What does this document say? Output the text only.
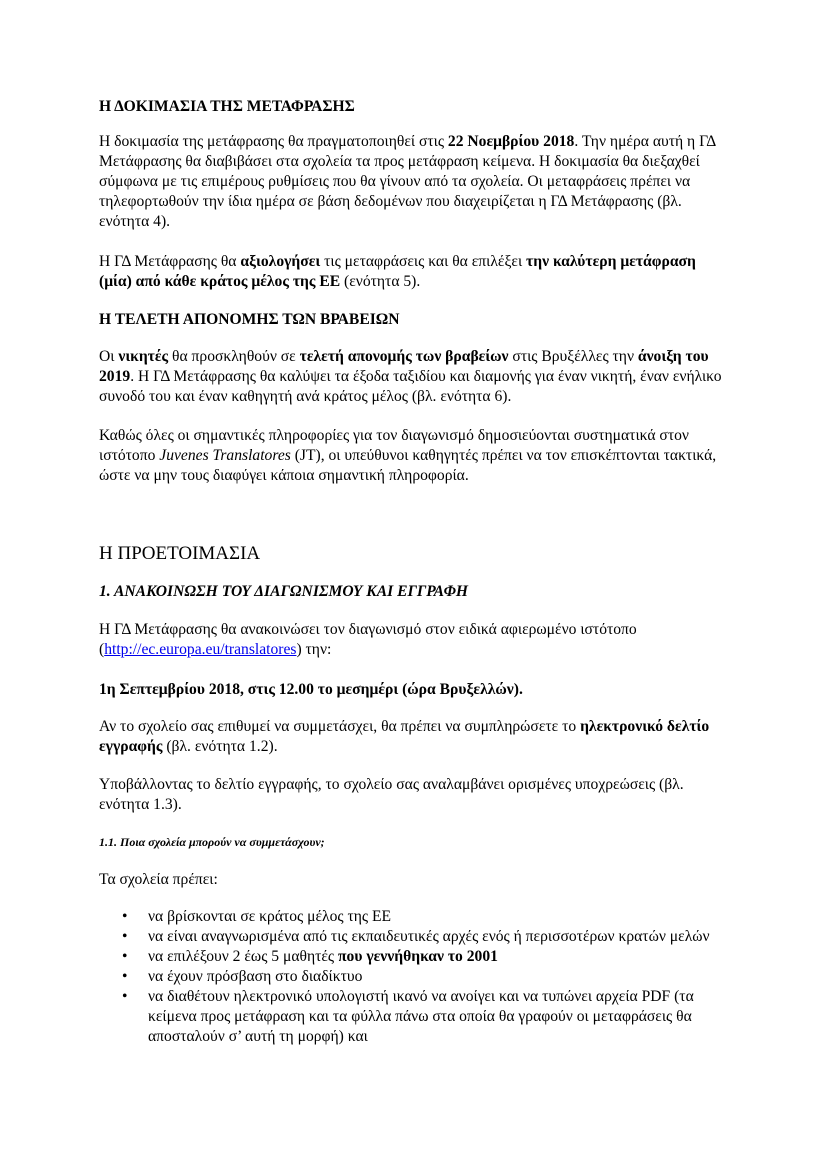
Η ΔΟΚΙΜΑΣΙΑ ΤΗΣ ΜΕΤΑΦΡΑΣΗΣ
Η δοκιμασία της μετάφρασης θα πραγματοποιηθεί στις 22 Νοεμβρίου 2018. Την ημέρα αυτή η ΓΔ Μετάφρασης θα διαβιβάσει στα σχολεία τα προς μετάφραση κείμενα. Η δοκιμασία θα διεξαχθεί σύμφωνα με τις επιμέρους ρυθμίσεις που θα γίνουν από τα σχολεία. Οι μεταφράσεις πρέπει να τηλεφορτωθούν την ίδια ημέρα σε βάση δεδομένων που διαχειρίζεται η ΓΔ Μετάφρασης (βλ. ενότητα 4).
Η ΓΔ Μετάφρασης θα αξιολογήσει τις μεταφράσεις και θα επιλέξει την καλύτερη μετάφραση (μία) από κάθε κράτος μέλος της ΕΕ (ενότητα 5).
Η ΤΕΛΕΤΗ ΑΠΟΝΟΜΗΣ ΤΩΝ ΒΡΑΒΕΙΩΝ
Οι νικητές θα προσκληθούν σε τελετή απονομής των βραβείων στις Βρυξέλλες την άνοιξη του 2019. Η ΓΔ Μετάφρασης θα καλύψει τα έξοδα ταξιδίου και διαμονής για έναν νικητή, έναν ενήλικο συνοδό του και έναν καθηγητή ανά κράτος μέλος (βλ. ενότητα 6).
Καθώς όλες οι σημαντικές πληροφορίες για τον διαγωνισμό δημοσιεύονται συστηματικά στον ιστότοπο Juvenes Translatores (JT), οι υπεύθυνοι καθηγητές πρέπει να τον επισκέπτονται τακτικά, ώστε να μην τους διαφύγει κάποια σημαντική πληροφορία.
Η ΠΡΟΕΤΟΙΜΑΣΙΑ
1. ΑΝΑΚΟΙΝΩΣΗ ΤΟΥ ΔΙΑΓΩΝΙΣΜΟΥ ΚΑΙ ΕΓΓΡΑΦΗ
Η ΓΔ Μετάφρασης θα ανακοινώσει τον διαγωνισμό στον ειδικά αφιερωμένο ιστότοπο (http://ec.europa.eu/translatores) την:
1η Σεπτεμβρίου 2018, στις 12.00 το μεσημέρι (ώρα Βρυξελλών).
Αν το σχολείο σας επιθυμεί να συμμετάσχει, θα πρέπει να συμπληρώσετε το ηλεκτρονικό δελτίο εγγραφής (βλ. ενότητα 1.2).
Υποβάλλοντας το δελτίο εγγραφής, το σχολείο σας αναλαμβάνει ορισμένες υποχρεώσεις (βλ. ενότητα 1.3).
1.1. Ποια σχολεία μπορούν να συμμετάσχουν;
Τα σχολεία πρέπει:
• να βρίσκονται σε κράτος μέλος της ΕΕ
• να είναι αναγνωρισμένα από τις εκπαιδευτικές αρχές ενός ή περισσοτέρων κρατών μελών
• να επιλέξουν 2 έως 5 μαθητές που γεννήθηκαν το 2001
• να έχουν πρόσβαση στο διαδίκτυο
• να διαθέτουν ηλεκτρονικό υπολογιστή ικανό να ανοίγει και να τυπώνει αρχεία PDF (τα κείμενα προς μετάφραση και τα φύλλα πάνω στα οποία θα γραφούν οι μεταφράσεις θα αποσταλούν σ’ αυτή τη μορφή) και
